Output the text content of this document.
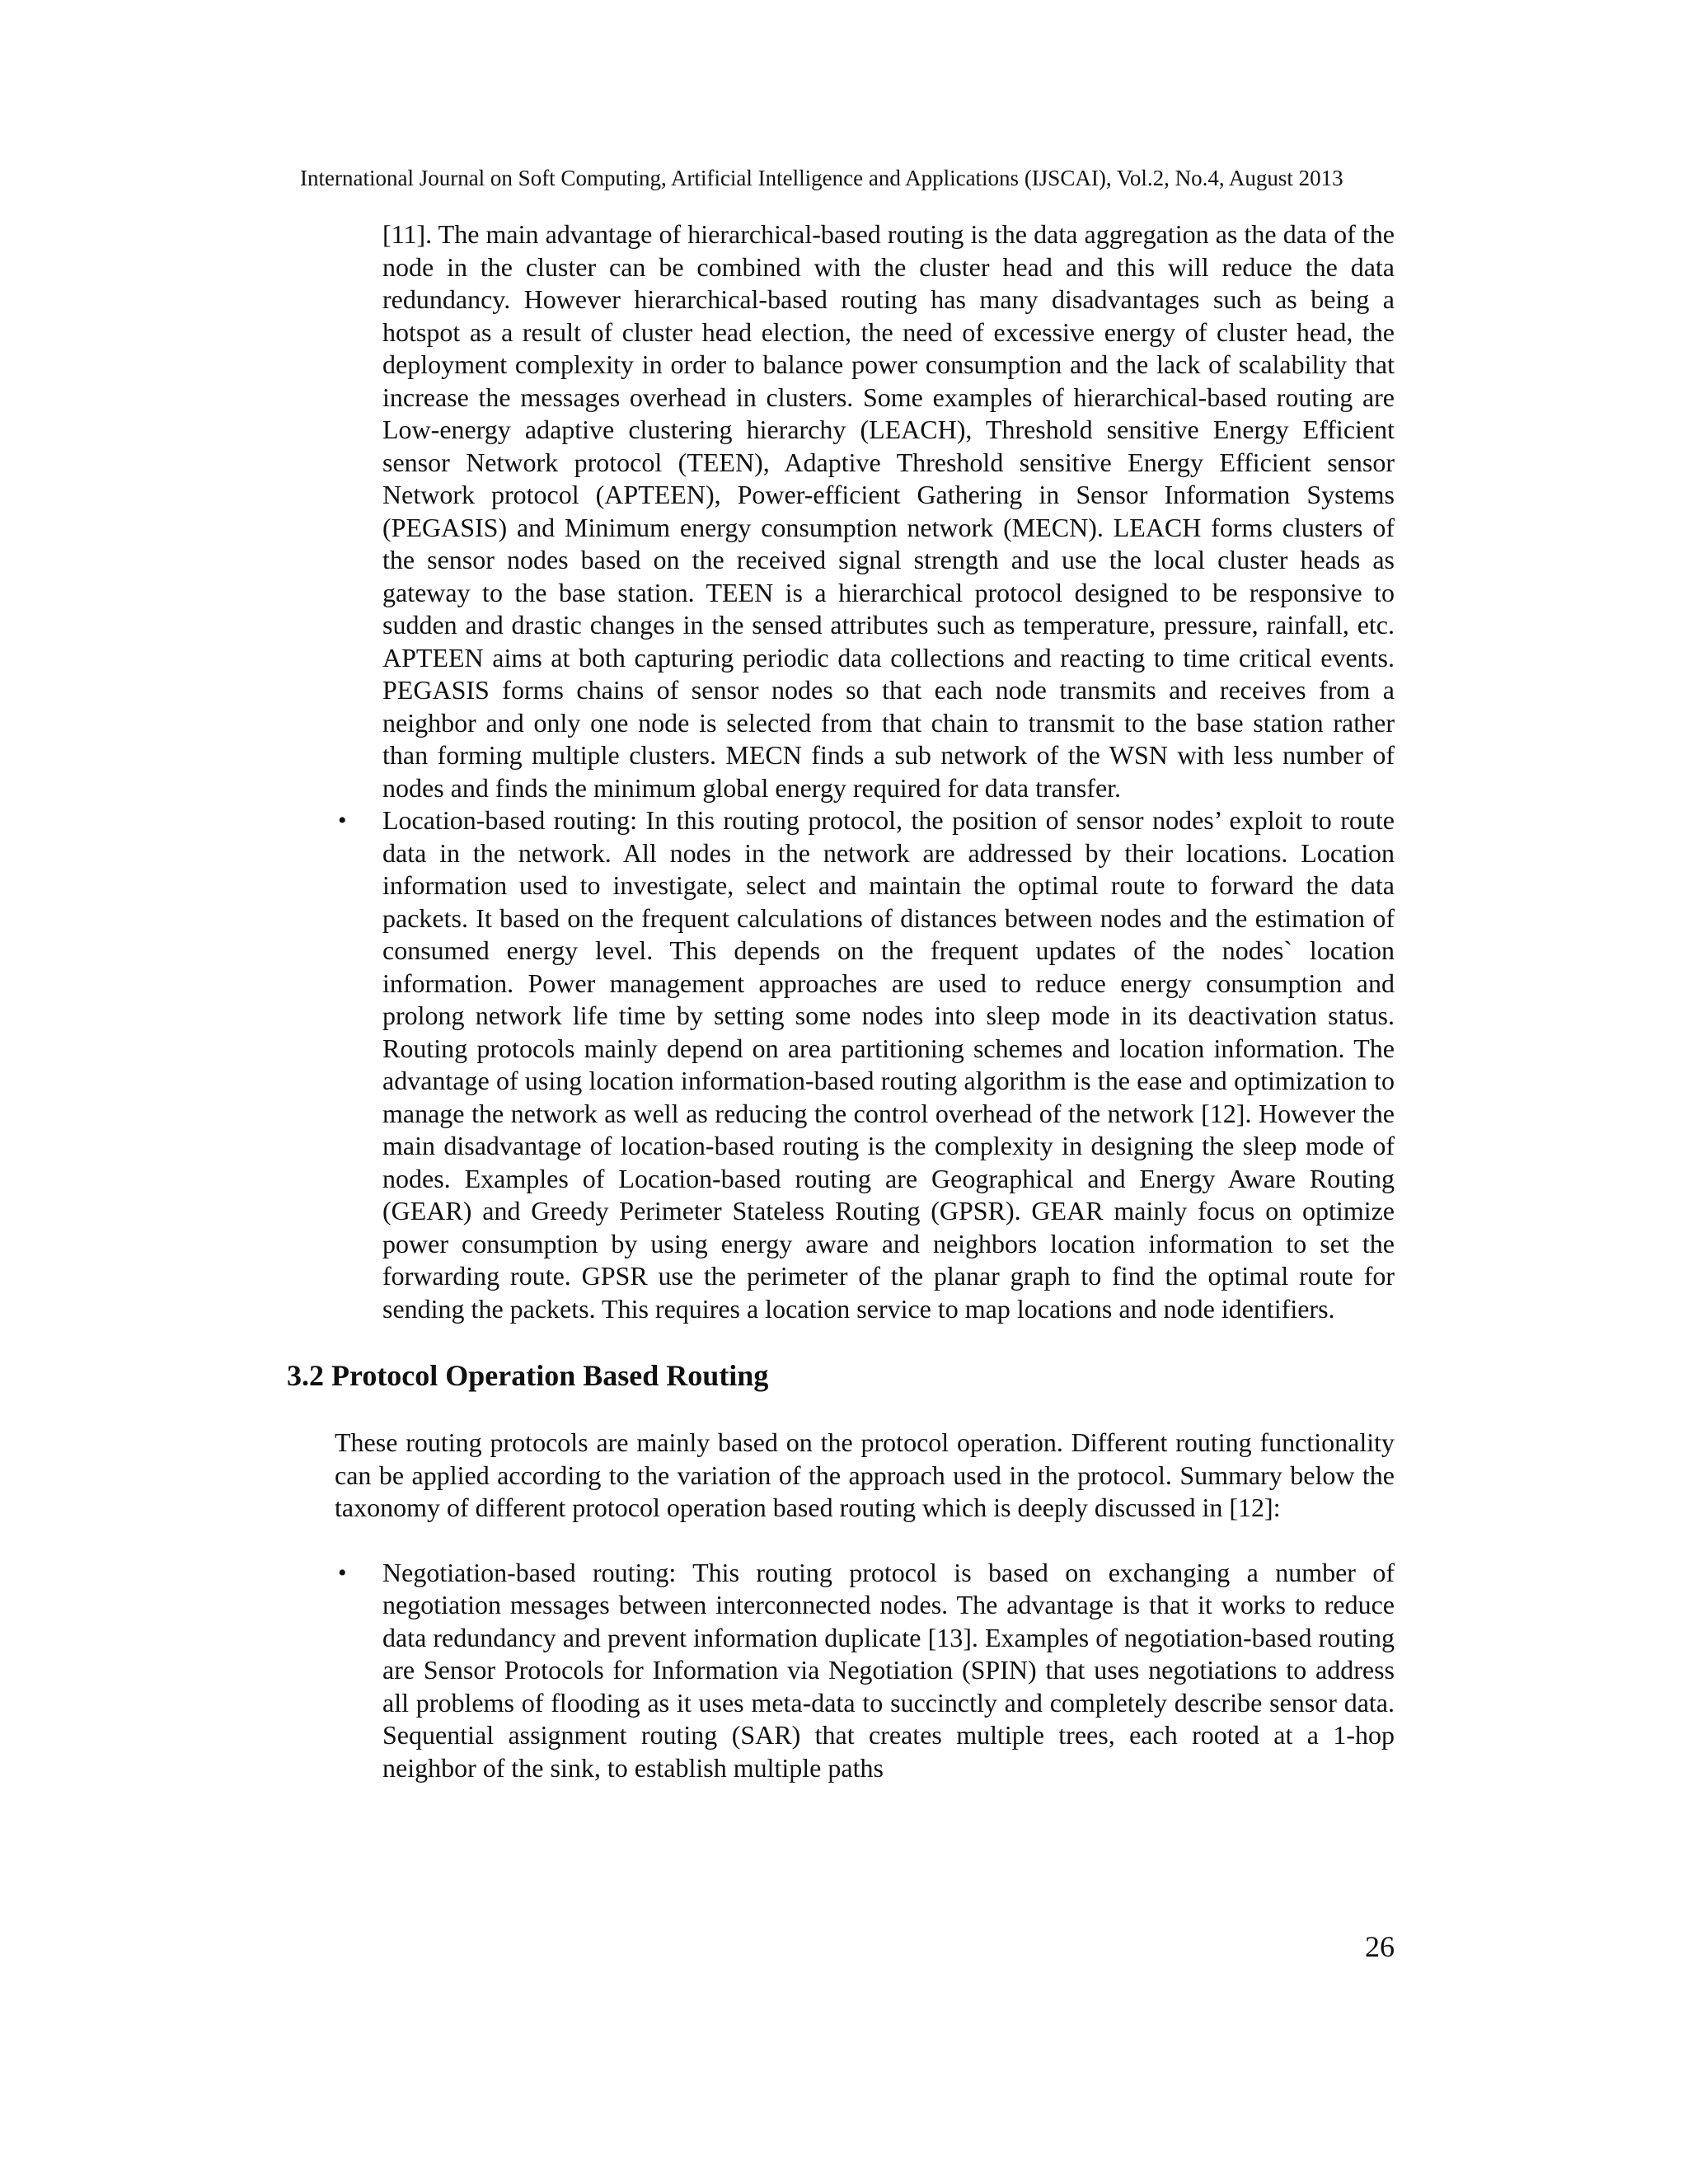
International Journal on Soft Computing, Artificial Intelligence and Applications (IJSCAI), Vol.2, No.4, August 2013

[11]. The main advantage of hierarchical-based routing is the data aggregation as the data of the node in the cluster can be combined with the cluster head and this will reduce the data redundancy. However hierarchical-based routing has many disadvantages such as being a hotspot as a result of cluster head election, the need of excessive energy of cluster head, the deployment complexity in order to balance power consumption and the lack of scalability that increase the messages overhead in clusters. Some examples of hierarchical-based routing are Low-energy adaptive clustering hierarchy (LEACH), Threshold sensitive Energy Efficient sensor Network protocol (TEEN), Adaptive Threshold sensitive Energy Efficient sensor Network protocol (APTEEN), Power-efficient Gathering in Sensor Information Systems (PEGASIS) and Minimum energy consumption network (MECN). LEACH forms clusters of the sensor nodes based on the received signal strength and use the local cluster heads as gateway to the base station. TEEN is a hierarchical protocol designed to be responsive to sudden and drastic changes in the sensed attributes such as temperature, pressure, rainfall, etc. APTEEN aims at both capturing periodic data collections and reacting to time critical events. PEGASIS forms chains of sensor nodes so that each node transmits and receives from a neighbor and only one node is selected from that chain to transmit to the base station rather than forming multiple clusters. MECN finds a sub network of the WSN with less number of nodes and finds the minimum global energy required for data transfer.

• Location-based routing: In this routing protocol, the position of sensor nodes’ exploit to route data in the network. All nodes in the network are addressed by their locations. Location information used to investigate, select and maintain the optimal route to forward the data packets. It based on the frequent calculations of distances between nodes and the estimation of consumed energy level. This depends on the frequent updates of the nodes` location information. Power management approaches are used to reduce energy consumption and prolong network life time by setting some nodes into sleep mode in its deactivation status. Routing protocols mainly depend on area partitioning schemes and location information. The advantage of using location information-based routing algorithm is the ease and optimization to manage the network as well as reducing the control overhead of the network [12]. However the main disadvantage of location-based routing is the complexity in designing the sleep mode of nodes. Examples of Location-based routing are Geographical and Energy Aware Routing (GEAR) and Greedy Perimeter Stateless Routing (GPSR). GEAR mainly focus on optimize power consumption by using energy aware and neighbors location information to set the forwarding route. GPSR use the perimeter of the planar graph to find the optimal route for sending the packets. This requires a location service to map locations and node identifiers.
3.2 Protocol Operation Based Routing

These routing protocols are mainly based on the protocol operation. Different routing functionality can be applied according to the variation of the approach used in the protocol. Summary below the taxonomy of different protocol operation based routing which is deeply discussed in [12]:

• Negotiation-based routing: This routing protocol is based on exchanging a number of negotiation messages between interconnected nodes. The advantage is that it works to reduce data redundancy and prevent information duplicate [13]. Examples of negotiation-based routing are Sensor Protocols for Information via Negotiation (SPIN) that uses negotiations to address all problems of flooding as it uses meta-data to succinctly and completely describe sensor data. Sequential assignment routing (SAR) that creates multiple trees, each rooted at a 1-hop neighbor of the sink, to establish multiple paths
26
